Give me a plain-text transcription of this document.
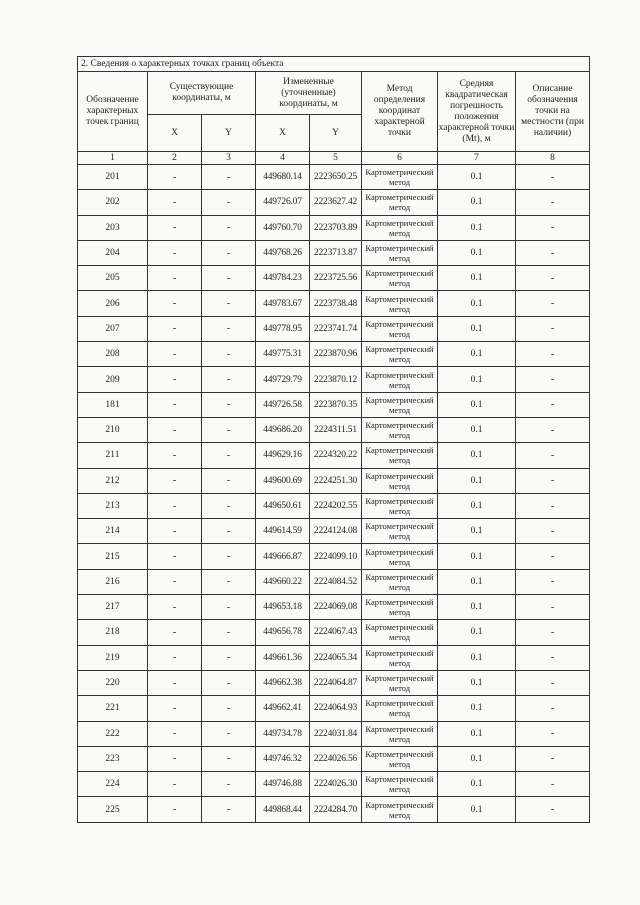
2. Сведения о характерных точках границ объекта							
Обозначение характерных точек границ	Существующие координаты, м		Измененные (уточненные) координаты, м		Метод определения координат характерной точки	Средняя квадратическая погрешность положения характерной точки (Mt), м	Описание обозначения точки на местности (при наличии)
	X	Y	X	Y			
1	2	3	4	5	6	7	8
201	-	-	449680.14	2223650.25	Картометрический метод	0.1	-
202	-	-	449726.07	2223627.42	Картометрический метод	0.1	-
203	-	-	449760.70	2223703.89	Картометрический метод	0.1	-
204	-	-	449768.26	2223713.87	Картометрический метод	0.1	-
205	-	-	449784.23	2223725.56	Картометрический метод	0.1	-
206	-	-	449783.67	2223738.48	Картометрический метод	0.1	-
207	-	-	449778.95	2223741.74	Картометрический метод	0.1	-
208	-	-	449775.31	2223870.96	Картометрический метод	0.1	-
209	-	-	449729.79	2223870.12	Картометрический метод	0.1	-
181	-	-	449726.58	2223870.35	Картометрический метод	0.1	-
210	-	-	449686.20	2224311.51	Картометрический метод	0.1	-
211	-	-	449629.16	2224320.22	Картометрический метод	0.1	-
212	-	-	449600.69	2224251.30	Картометрический метод	0.1	-
213	-	-	449650.61	2224202.55	Картометрический метод	0.1	-
214	-	-	449614.59	2224124.08	Картометрический метод	0.1	-
215	-	-	449666.87	2224099.10	Картометрический метод	0.1	-
216	-	-	449660.22	2224084.52	Картометрический метод	0.1	-
217	-	-	449653.18	2224069.08	Картометрический метод	0.1	-
218	-	-	449656.78	2224067.43	Картометрический метод	0.1	-
219	-	-	449661.36	2224065.34	Картометрический метод	0.1	-
220	-	-	449662.38	2224064.87	Картометрический метод	0.1	-
221	-	-	449662.41	2224064.93	Картометрический метод	0.1	-
222	-	-	449734.78	2224031.84	Картометрический метод	0.1	-
223	-	-	449746.32	2224026.56	Картометрический метод	0.1	-
224	-	-	449746.88	2224026.30	Картометрический метод	0.1	-
225	-	-	449868.44	2224284.70	Картометрический метод	0.1	-
